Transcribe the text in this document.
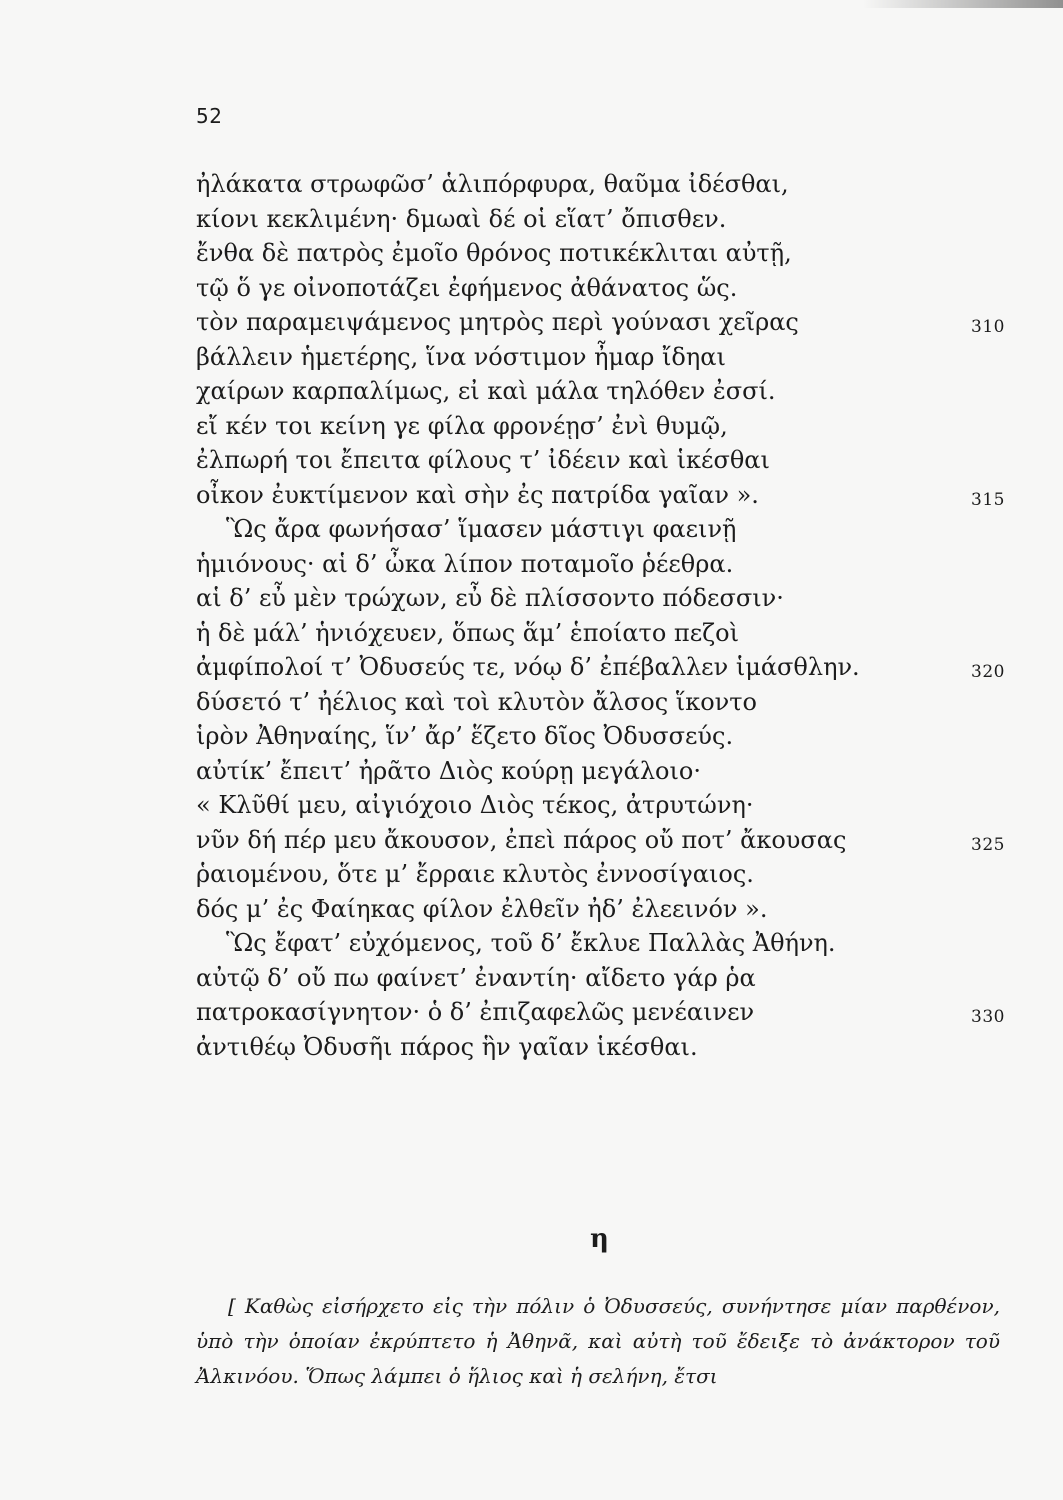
52
ἠλάκατα στρωφῶσ’ ἁλιπόρφυρα, θαῦμα ἰδέσθαι,
κίονι κεκλιμένη· δμωαὶ δέ οἱ εἵατ’ ὄπισθεν.
ἔνθα δὲ πατρὸς ἐμοῖο θρόνος ποτικέκλιται αὐτῇ,
τῷ ὅ γε οἰνοποτάζει ἐφήμενος ἀθάνατος ὥς.
τὸν παραμειψάμενος μητρὸς περὶ γούνασι χεῖρας	310
βάλλειν ἡμετέρης, ἵνα νόστιμον ἦμαρ ἴδηαι
χαίρων καρπαλίμως, εἰ καὶ μάλα τηλόθεν ἐσσί.
εἴ κέν τοι κείνη γε φίλα φρονέῃσ’ ἐνὶ θυμῷ,
ἐλπωρή τοι ἔπειτα φίλους τ’ ἰδέειν καὶ ἱκέσθαι
οἶκον ἐυκτίμενον καὶ σὴν ἐς πατρίδα γαῖαν ».	315
Ὣς ἄρα φωνήσασ’ ἵμασεν μάστιγι φαεινῇ
ἡμιόνους· αἱ δ’ ὦκα λίπον ποταμοῖο ῥέεθρα.
αἱ δ’ εὖ μὲν τρώχων, εὖ δὲ πλίσσοντο πόδεσσιν·
ἡ δὲ μάλ’ ἡνιόχευεν, ὅπως ἅμ’ ἑποίατο πεζοὶ
ἀμφίπολοί τ’ Ὀδυσεύς τε, νόῳ δ’ ἐπέβαλλεν ἱμάσθλην.	320
δύσετό τ’ ἠέλιος καὶ τοὶ κλυτὸν ἄλσος ἵκοντο
ἱρὸν Ἀθηναίης, ἵν’ ἄρ’ ἕζετο δῖος Ὀδυσσεύς.
αὐτίκ’ ἔπειτ’ ἠρᾶτο Διὸς κούρῃ μεγάλοιο·
« Κλῦθί μευ, αἰγιόχοιο Διὸς τέκος, ἀτρυτώνη·
νῦν δή πέρ μευ ἄκουσον, ἐπεὶ πάρος οὔ ποτ’ ἄκουσας	325
ῥαιομένου, ὅτε μ’ ἔρραιε κλυτὸς ἐννοσίγαιος.
δός μ’ ἐς Φαίηκας φίλον ἐλθεῖν ἠδ’ ἐλεεινόν ».
Ὣς ἔφατ’ εὐχόμενος, τοῦ δ’ ἔκλυε Παλλὰς Ἀθήνη.
αὐτῷ δ’ οὔ πω φαίνετ’ ἐναντίη· αἴδετο γάρ ῥα
πατροκασίγνητον· ὁ δ’ ἐπιζαφελῶς μενέαινεν	330
ἀντιθέῳ Ὀδυσῆι πάρος ἣν γαῖαν ἱκέσθαι.
η
[ Καθὼς εἰσήρχετο εἰς τὴν πόλιν ὁ Ὀδυσσεύς, συνήντησε μίαν παρθένον, ὑπὸ τὴν ὁποίαν ἐκρύπτετο ἡ Ἀθηνᾶ, καὶ αὐτὴ τοῦ ἔδειξε τὸ ἀνάκτορον τοῦ Ἀλκινόου. Ὅπως λάμπει ὁ ἥλιος καὶ ἡ σελήνη, ἔτσι
